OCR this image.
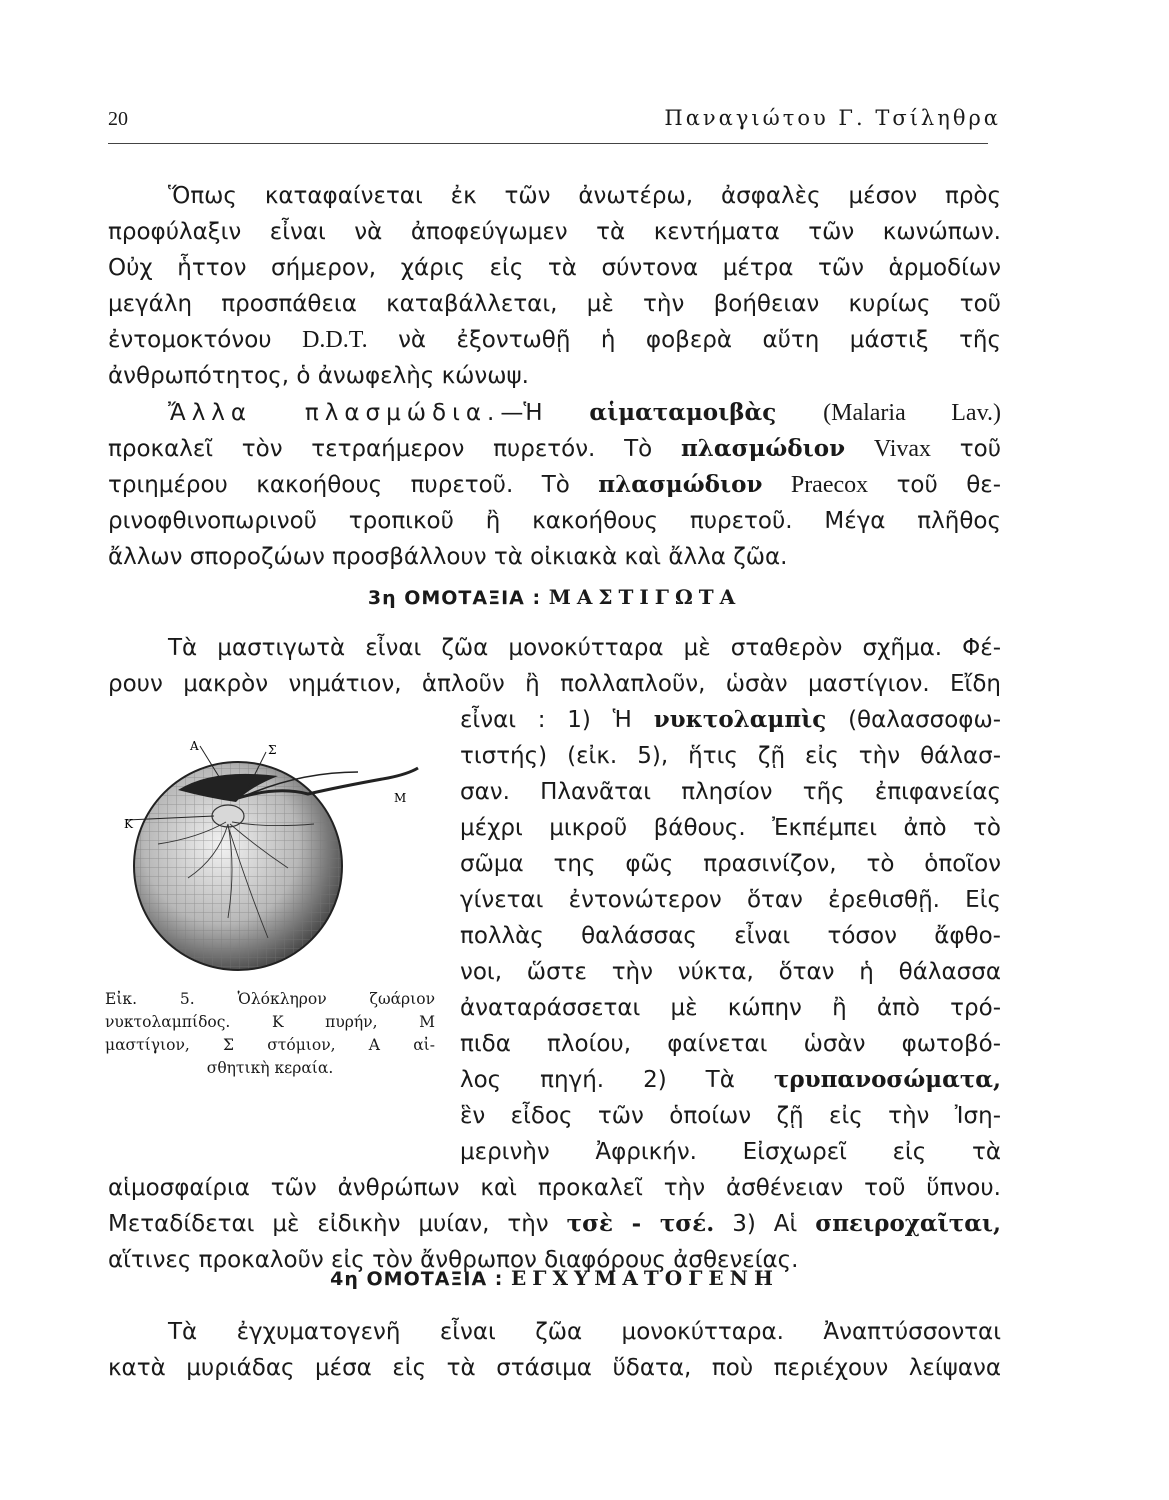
20	Παναγιώτου Γ. Τσίληθρα
Ὅπως καταφαίνεται ἐκ τῶν ἀνωτέρω, ἀσφαλὲς μέσον πρὸς
προφύλαξιν εἶναι νὰ ἀποφεύγωμεν τὰ κεντήματα τῶν κωνώπων.
Οὐχ ἧττον σήμερον, χάρις εἰς τὰ σύντονα μέτρα τῶν ἁρμοδίων
μεγάλη προσπάθεια καταβάλλεται, μὲ τὴν βοήθειαν κυρίως τοῦ
ἐντομοκτόνου D.D.T. νὰ ἐξοντωθῇ ἡ φοβερὰ αὕτη μάστιξ τῆς
ἀνθρωπότητος, ὁ ἀνωφελὴς κώνωψ.
Ἄλλα πλασμώδια.—Ἡ αἱματαμοιβὰς (Malaria Lav.)
προκαλεῖ τὸν τετραήμερον πυρετόν. Τὸ πλασμώδιον Vivax τοῦ
τριημέρου κακοήθους πυρετοῦ. Τὸ πλασμώδιον Praecox τοῦ θε-
ρινοφθινοπωρινοῦ τροπικοῦ ἢ κακοήθους πυρετοῦ. Μέγα πλῆθος
ἄλλων σποροζώων προσβάλλουν τὰ οἰκιακὰ καὶ ἄλλα ζῶα.
3η ΟΜΟΤΑΞΙΑ : ΜΑΣΤΙΓΩΤΑ
Τὰ μαστιγωτὰ εἶναι ζῶα μονοκύτταρα μὲ σταθερὸν σχῆμα. Φέ-
ρουν μακρὸν νημάτιον, ἁπλοῦν ἢ πολλαπλοῦν, ὡσὰν μαστίγιον. Εἴδη
εἶναι : 1) Ἡ νυκτολαμπὶς (θαλασσοφω-
τιστής) (εἰκ. 5), ἥτις ζῇ εἰς τὴν θάλασ-
σαν. Πλανᾶται πλησίον τῆς ἐπιφανείας
μέχρι μικροῦ βάθους. Ἐκπέμπει ἀπὸ τὸ
σῶμα της φῶς πρασινίζον, τὸ ὁποῖον
γίνεται ἐντονώτερον ὅταν ἐρεθισθῇ. Εἰς
πολλὰς θαλάσσας εἶναι τόσον ἄφθο-
νοι, ὥστε τὴν νύκτα, ὅταν ἡ θάλασσα
ἀναταράσσεται μὲ κώπην ἢ ἀπὸ τρό-
πιδα πλοίου, φαίνεται ὡσὰν φωτοβό-
λος πηγή. 2) Τὰ τρυπανοσώματα,
ἓν εἶδος τῶν ὁποίων ζῇ εἰς τὴν Ἰση-
μερινὴν Ἀφρικήν. Εἰσχωρεῖ εἰς τὰ
αἱμοσφαίρια τῶν ἀνθρώπων καὶ προκαλεῖ τὴν ἀσθένειαν τοῦ ὕπνου.
Μεταδίδεται μὲ εἰδικὴν μυίαν, τὴν τσὲ - τσέ. 3) Αἱ σπειροχαῖται,
αἵτινες προκαλοῦν εἰς τὸν ἄνθρωπον διαφόρους ἀσθενείας.
Α	Σ
Μ
Κ
Εἰκ. 5. Ὁλόκληρον ζωάριον
νυκτολαμπίδος. Κ πυρήν, Μ
μαστίγιον, Σ στόμιον, Α αἰ-
σθητικὴ κεραία.
4η ΟΜΟΤΑΞΙΑ : ΕΓΧΥΜΑΤΟΓΕΝΗ
Τὰ ἐγχυματογενῆ εἶναι ζῶα μονοκύτταρα. Ἀναπτύσσονται
κατὰ μυριάδας μέσα εἰς τὰ στάσιμα ὕδατα, ποὺ περιέχουν λείψανα
